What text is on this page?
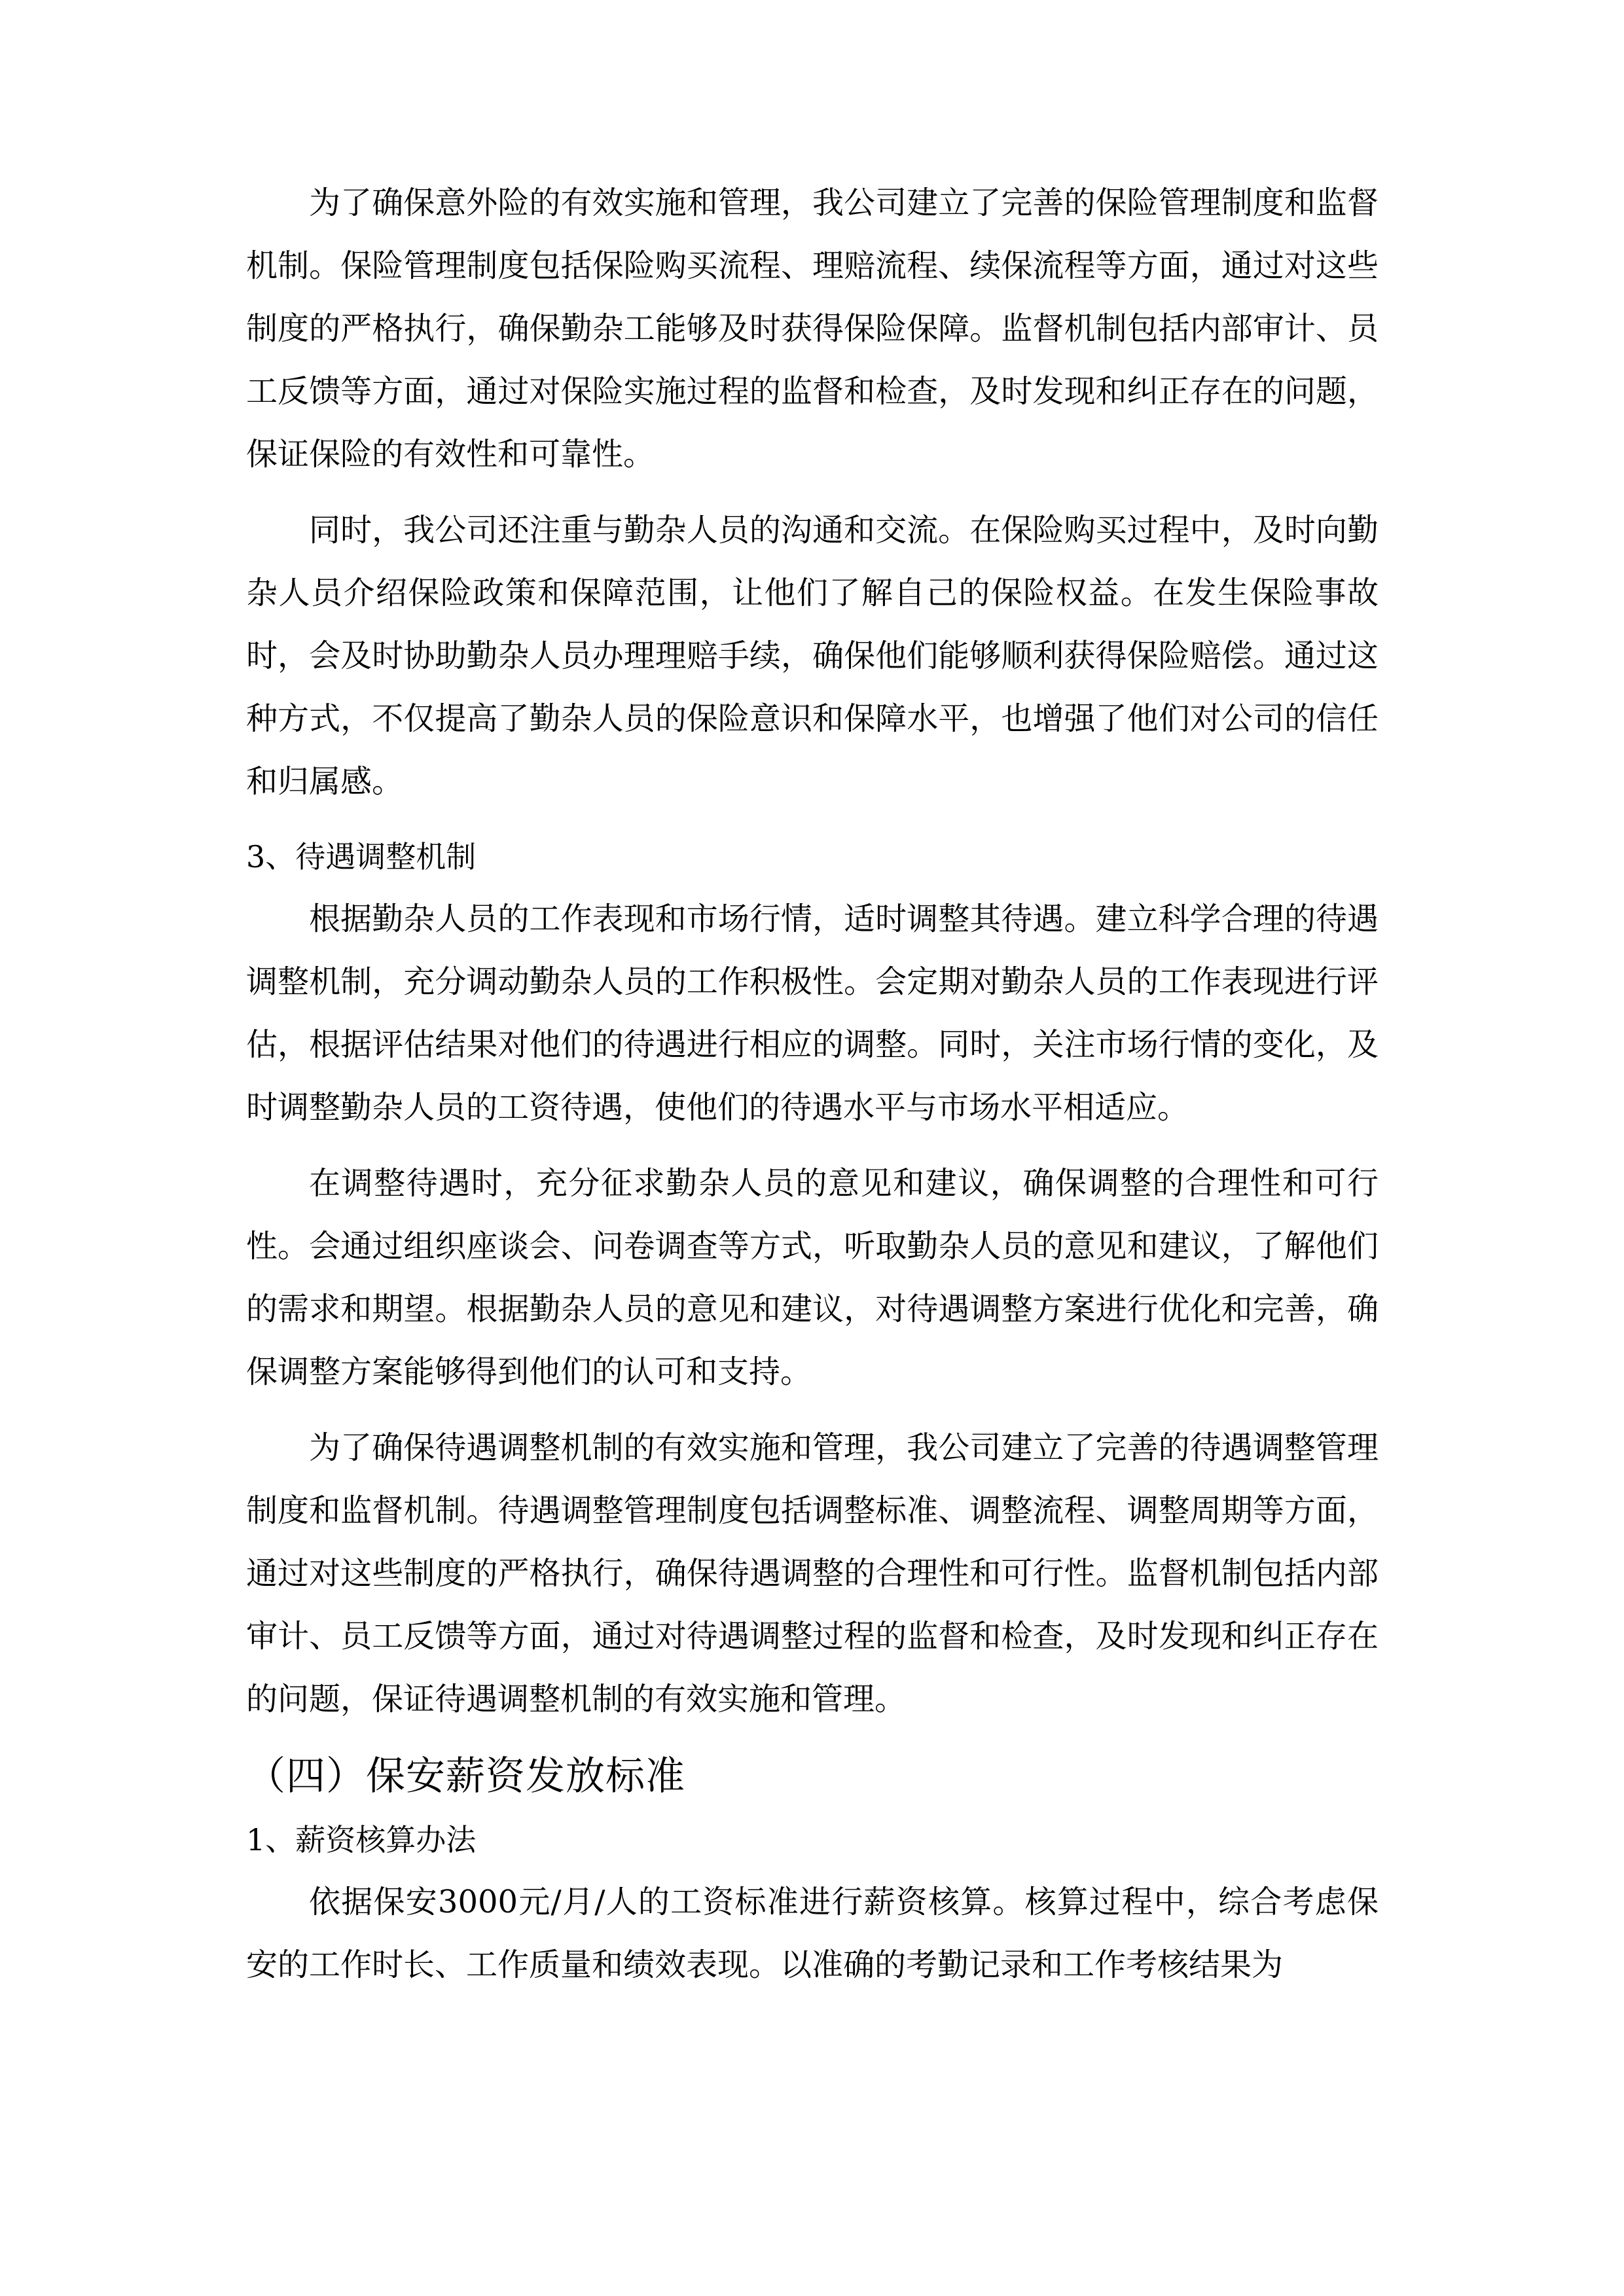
为了确保意外险的有效实施和管理，我公司建立了完善的保险管理制度和监督机制。保险管理制度包括保险购买流程、理赔流程、续保流程等方面，通过对这些制度的严格执行，确保勤杂工能够及时获得保险保障。监督机制包括内部审计、员工反馈等方面，通过对保险实施过程的监督和检查，及时发现和纠正存在的问题，保证保险的有效性和可靠性。

同时，我公司还注重与勤杂人员的沟通和交流。在保险购买过程中，及时向勤杂人员介绍保险政策和保障范围，让他们了解自己的保险权益。在发生保险事故时，会及时协助勤杂人员办理理赔手续，确保他们能够顺利获得保险赔偿。通过这种方式，不仅提高了勤杂人员的保险意识和保障水平，也增强了他们对公司的信任和归属感。

3、待遇调整机制

根据勤杂人员的工作表现和市场行情，适时调整其待遇。建立科学合理的待遇调整机制，充分调动勤杂人员的工作积极性。会定期对勤杂人员的工作表现进行评估，根据评估结果对他们的待遇进行相应的调整。同时，关注市场行情的变化，及时调整勤杂人员的工资待遇，使他们的待遇水平与市场水平相适应。

在调整待遇时，充分征求勤杂人员的意见和建议，确保调整的合理性和可行性。会通过组织座谈会、问卷调查等方式，听取勤杂人员的意见和建议，了解他们的需求和期望。根据勤杂人员的意见和建议，对待遇调整方案进行优化和完善，确保调整方案能够得到他们的认可和支持。

为了确保待遇调整机制的有效实施和管理，我公司建立了完善的待遇调整管理制度和监督机制。待遇调整管理制度包括调整标准、调整流程、调整周期等方面，通过对这些制度的严格执行，确保待遇调整的合理性和可行性。监督机制包括内部审计、员工反馈等方面，通过对待遇调整过程的监督和检查，及时发现和纠正存在的问题，保证待遇调整机制的有效实施和管理。

（四）保安薪资发放标准
1、薪资核算办法

依据保安3000元/月/人的工资标准进行薪资核算。核算过程中，综合考虑保安的工作时长、工作质量和绩效表现。以准确的考勤记录和工作考核结果为
